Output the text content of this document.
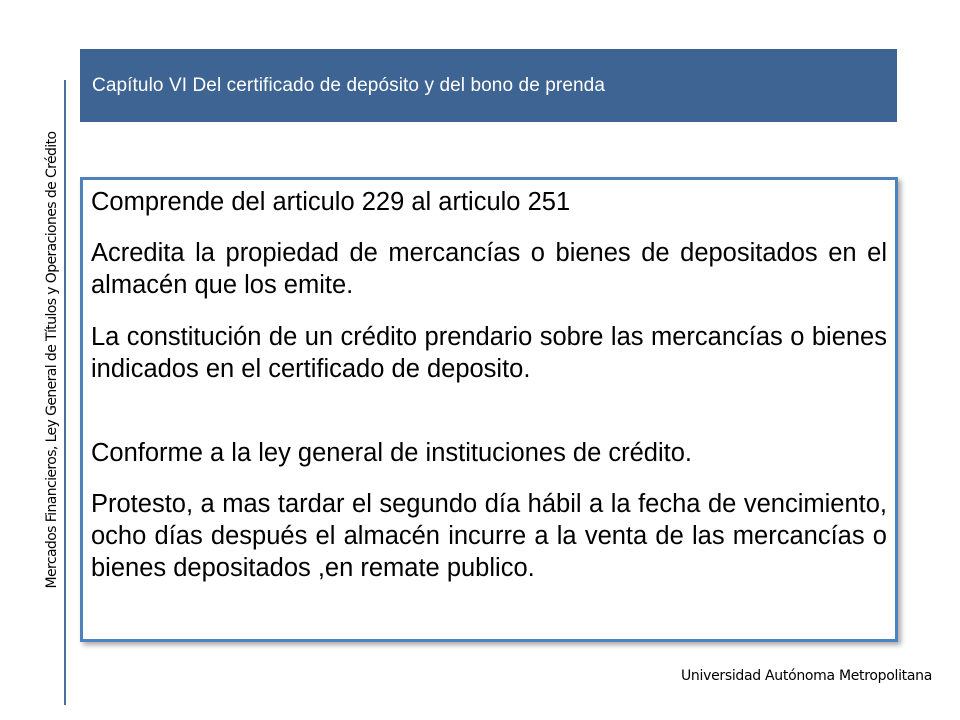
Mercados Financieros, Ley General de Títulos y Operaciones de Crédito
Capítulo VI Del certificado de depósito y del bono de prenda

Comprende del articulo 229 al articulo 251

Acredita la propiedad de mercancías o bienes de depositados en el almacén que los emite.

La constitución de un crédito prendario sobre las mercancías o bienes indicados en el certificado de deposito.

Conforme a la ley general de instituciones de crédito.

Protesto, a mas tardar el segundo día hábil a la fecha de vencimiento, ocho días después el almacén incurre a la venta de las mercancías o bienes depositados ,en remate publico.

Universidad Autónoma Metropolitana
